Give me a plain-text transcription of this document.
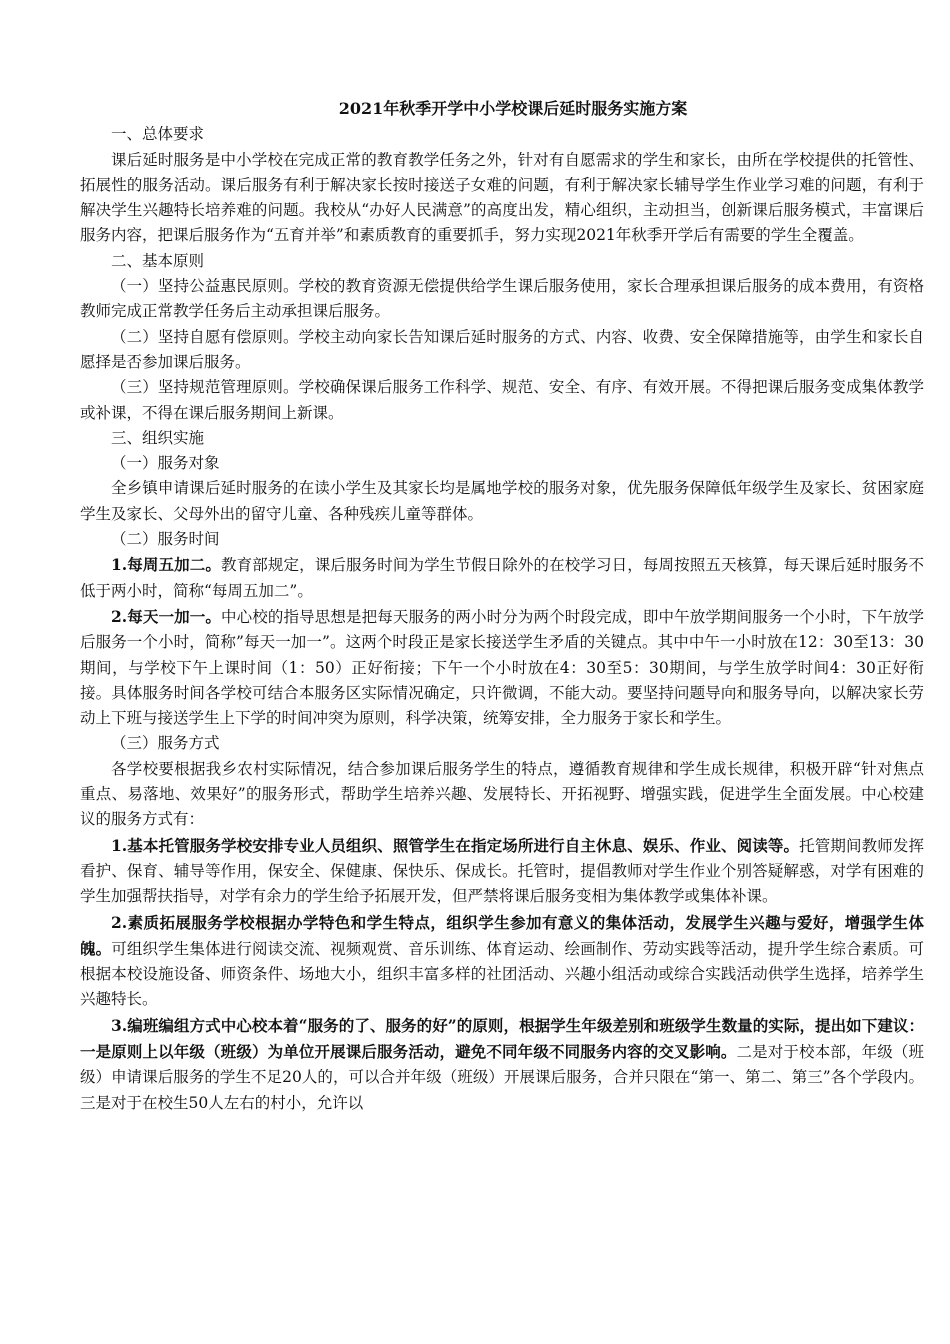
2021年秋季开学中小学校课后延时服务实施方案

一、总体要求

课后延时服务是中小学校在完成正常的教育教学任务之外，针对有自愿需求的学生和家长，由所在学校提供的托管性、拓展性的服务活动。课后服务有利于解决家长按时接送子女难的问题，有利于解决家长辅导学生作业学习难的问题，有利于解决学生兴趣特长培养难的问题。我校从“办好人民满意”的高度出发，精心组织，主动担当，创新课后服务模式，丰富课后服务内容，把课后服务作为“五育并举”和素质教育的重要抓手，努力实现2021年秋季开学后有需要的学生全覆盖。

二、基本原则

（一）坚持公益惠民原则。学校的教育资源无偿提供给学生课后服务使用，家长合理承担课后服务的成本费用，有资格教师完成正常教学任务后主动承担课后服务。

（二）坚持自愿有偿原则。学校主动向家长告知课后延时服务的方式、内容、收费、安全保障措施等，由学生和家长自愿择是否参加课后服务。

（三）坚持规范管理原则。学校确保课后服务工作科学、规范、安全、有序、有效开展。不得把课后服务变成集体教学或补课，不得在课后服务期间上新课。

三、组织实施

（一）服务对象

全乡镇申请课后延时服务的在读小学生及其家长均是属地学校的服务对象，优先服务保障低年级学生及家长、贫困家庭学生及家长、父母外出的留守儿童、各种残疾儿童等群体。

（二）服务时间

1.每周五加二。教育部规定，课后服务时间为学生节假日除外的在校学习日，每周按照五天核算，每天课后延时服务不低于两小时，简称“每周五加二”。

2.每天一加一。中心校的指导思想是把每天服务的两小时分为两个时段完成，即中午放学期间服务一个小时，下午放学后服务一个小时，简称”每天一加一”。这两个时段正是家长接送学生矛盾的关键点。其中中午一小时放在12：30至13：30期间，与学校下午上课时间（1：50）正好衔接；下午一个小时放在4：30至5：30期间，与学生放学时间4：30正好衔接。具体服务时间各学校可结合本服务区实际情况确定，只许微调，不能大动。要坚持问题导向和服务导向，以解决家长劳动上下班与接送学生上下学的时间冲突为原则，科学决策，统筹安排，全力服务于家长和学生。

（三）服务方式

各学校要根据我乡农村实际情况，结合参加课后服务学生的特点，遵循教育规律和学生成长规律，积极开辟“针对焦点重点、易落地、效果好”的服务形式，帮助学生培养兴趣、发展特长、开拓视野、增强实践，促进学生全面发展。中心校建议的服务方式有：

1.基本托管服务学校安排专业人员组织、照管学生在指定场所进行自主休息、娱乐、作业、阅读等。托管期间教师发挥看护、保育、辅导等作用，保安全、保健康、保快乐、保成长。托管时，提倡教师对学生作业个别答疑解惑，对学有困难的学生加强帮扶指导，对学有余力的学生给予拓展开发，但严禁将课后服务变相为集体教学或集体补课。

2.素质拓展服务学校根据办学特色和学生特点，组织学生参加有意义的集体活动，发展学生兴趣与爱好，增强学生体魄。可组织学生集体进行阅读交流、视频观赏、音乐训练、体育运动、绘画制作、劳动实践等活动，提升学生综合素质。可根据本校设施设备、师资条件、场地大小，组织丰富多样的社团活动、兴趣小组活动或综合实践活动供学生选择，培养学生兴趣特长。

3.编班编组方式中心校本着“服务的了、服务的好”的原则，根据学生年级差别和班级学生数量的实际，提出如下建议：一是原则上以年级（班级）为单位开展课后服务活动，避免不同年级不同服务内容的交叉影响。二是对于校本部，年级（班级）申请课后服务的学生不足20人的，可以合并年级（班级）开展课后服务，合并只限在“第一、第二、第三”各个学段内。三是对于在校生50人左右的村小，允许以
